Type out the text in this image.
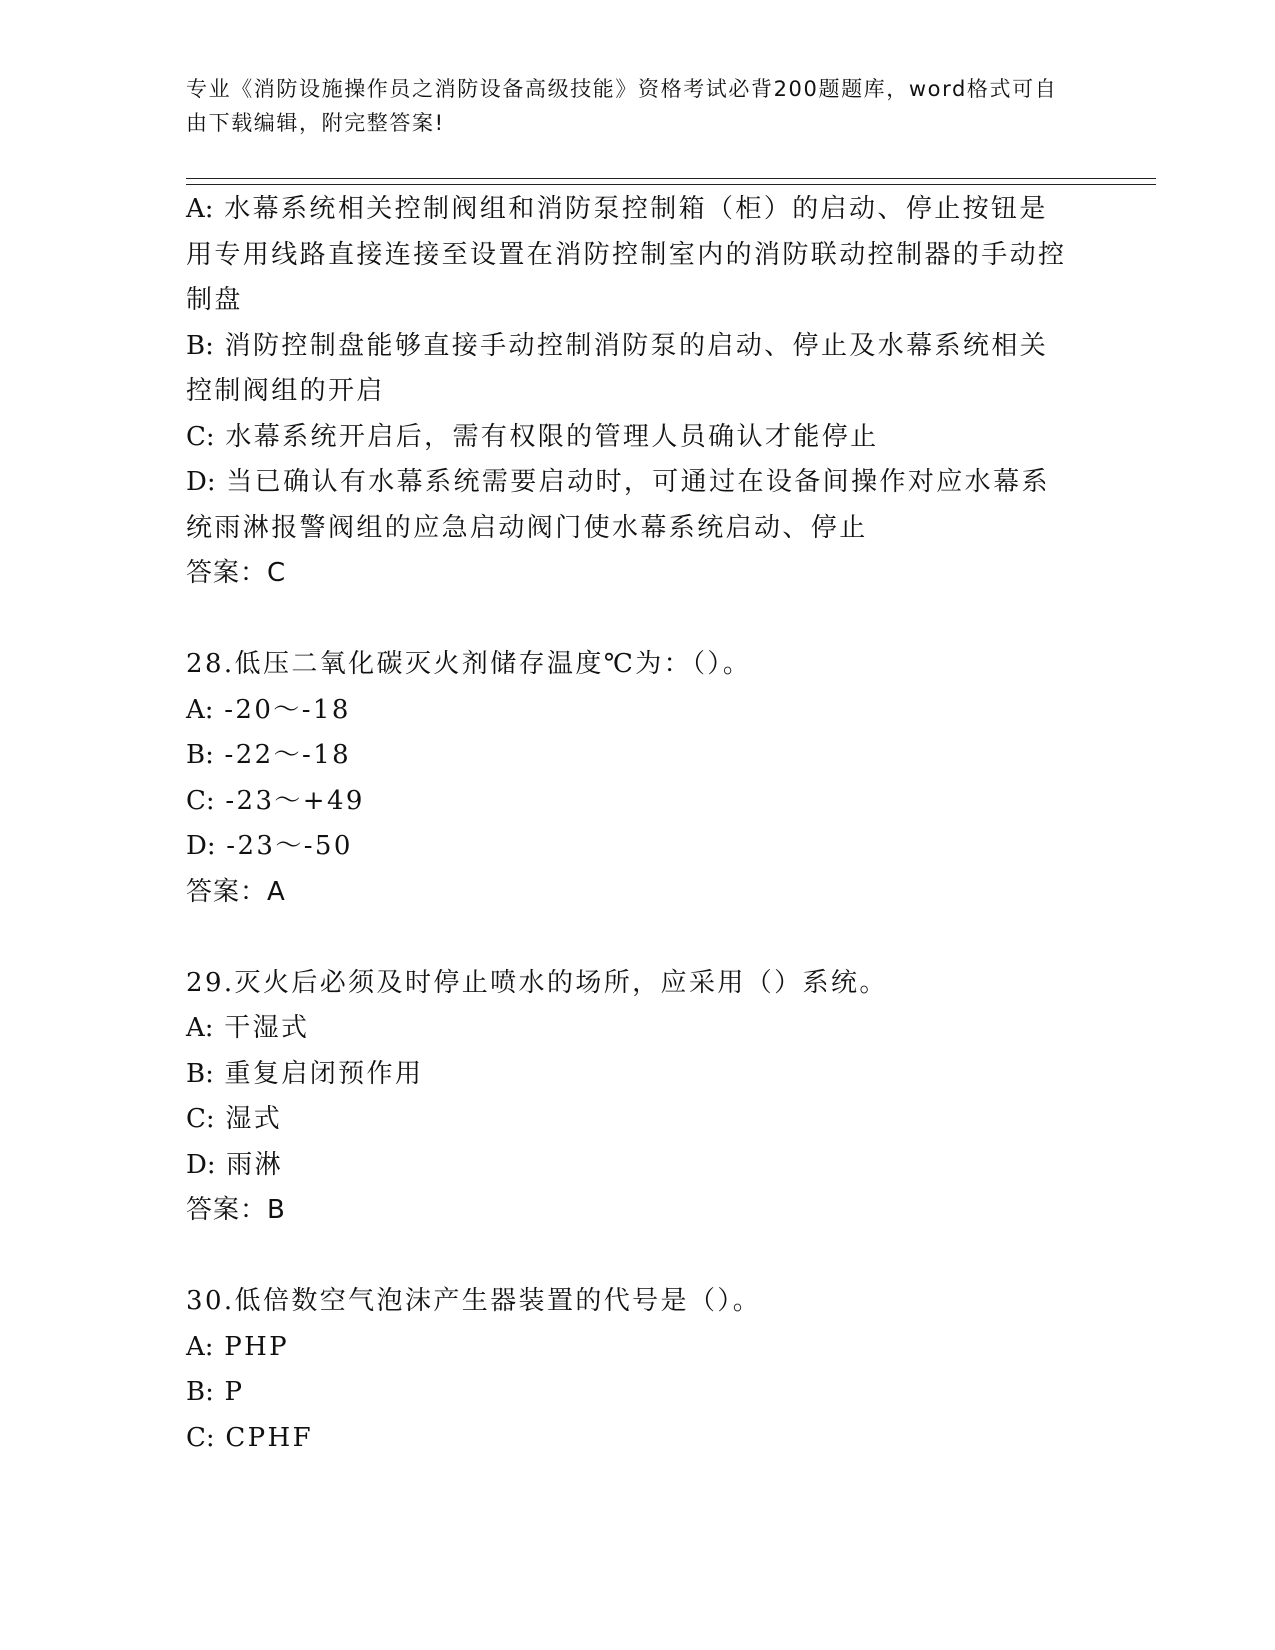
专业《消防设施操作员之消防设备高级技能》资格考试必背200题题库，word格式可自由下载编辑，附完整答案!
A: 水幕系统相关控制阀组和消防泵控制箱（柜）的启动、停止按钮是用专用线路直接连接至设置在消防控制室内的消防联动控制器的手动控制盘
B: 消防控制盘能够直接手动控制消防泵的启动、停止及水幕系统相关控制阀组的开启
C: 水幕系统开启后，需有权限的管理人员确认才能停止
D: 当已确认有水幕系统需要启动时，可通过在设备间操作对应水幕系统雨淋报警阀组的应急启动阀门使水幕系统启动、停止
答案：C
28.低压二氧化碳灭火剂储存温度℃为：（）。
A: -20～-18
B: -22～-18
C: -23～+49
D: -23～-50
答案：A
29.灭火后必须及时停止喷水的场所，应采用（）系统。
A: 干湿式
B: 重复启闭预作用
C: 湿式
D: 雨淋
答案：B
30.低倍数空气泡沫产生器装置的代号是（）。
A: PHP
B: P
C: CPHF
